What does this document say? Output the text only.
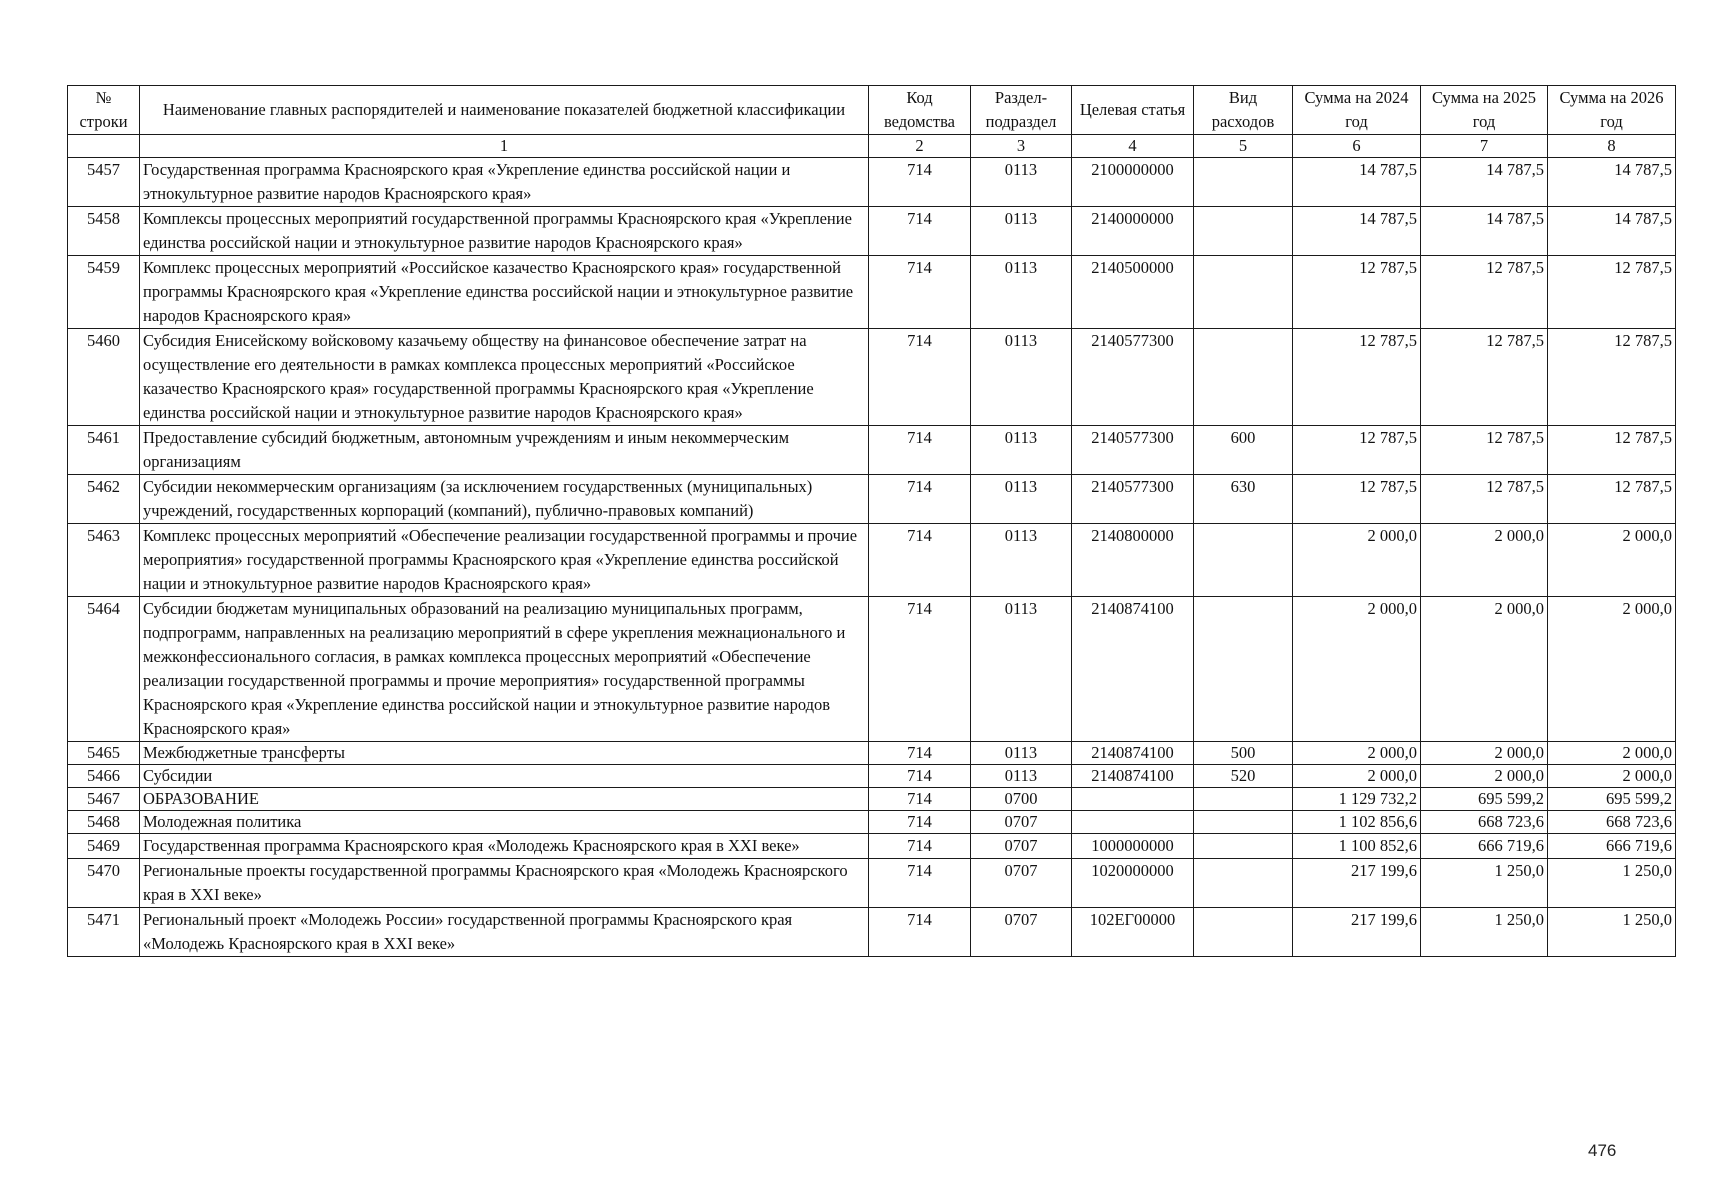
№ строки	Наименование главных распорядителей и наименование показателей бюджетной классификации	Код ведомства	Раздел-подраздел	Целевая статья	Вид расходов	Сумма на 2024 год	Сумма на 2025 год	Сумма на 2026 год
	1	2	3	4	5	6	7	8
5457	Государственная программа Красноярского края «Укрепление единства российской нации и этнокультурное развитие народов Красноярского края»	714	0113	2100000000		14 787,5	14 787,5	14 787,5
5458	Комплексы процессных мероприятий государственной программы Красноярского края «Укрепление единства российской нации и этнокультурное развитие народов Красноярского края»	714	0113	2140000000		14 787,5	14 787,5	14 787,5
5459	Комплекс процессных мероприятий «Российское казачество Красноярского края» государственной программы Красноярского края «Укрепление единства российской нации и этнокультурное развитие народов Красноярского края»	714	0113	2140500000		12 787,5	12 787,5	12 787,5
5460	Субсидия Енисейскому войсковому казачьему обществу на финансовое обеспечение затрат на осуществление его деятельности в рамках комплекса процессных мероприятий «Российское казачество Красноярского края» государственной программы Красноярского края «Укрепление единства российской нации и этнокультурное развитие народов Красноярского края»	714	0113	2140577300		12 787,5	12 787,5	12 787,5
5461	Предоставление субсидий бюджетным, автономным учреждениям и иным некоммерческим организациям	714	0113	2140577300	600	12 787,5	12 787,5	12 787,5
5462	Субсидии некоммерческим организациям (за исключением государственных (муниципальных) учреждений, государственных корпораций (компаний), публично-правовых компаний)	714	0113	2140577300	630	12 787,5	12 787,5	12 787,5
5463	Комплекс процессных мероприятий «Обеспечение реализации государственной программы и прочие мероприятия» государственной программы Красноярского края «Укрепление единства российской нации и этнокультурное развитие народов Красноярского края»	714	0113	2140800000		2 000,0	2 000,0	2 000,0
5464	Субсидии бюджетам муниципальных образований на реализацию муниципальных программ, подпрограмм, направленных на реализацию мероприятий в сфере укрепления межнационального и межконфессионального согласия, в рамках комплекса процессных мероприятий «Обеспечение реализации государственной программы и прочие мероприятия» государственной программы Красноярского края «Укрепление единства российской нации и этнокультурное развитие народов Красноярского края»	714	0113	2140874100		2 000,0	2 000,0	2 000,0
5465	Межбюджетные трансферты	714	0113	2140874100	500	2 000,0	2 000,0	2 000,0
5466	Субсидии	714	0113	2140874100	520	2 000,0	2 000,0	2 000,0
5467	ОБРАЗОВАНИЕ	714	0700			1 129 732,2	695 599,2	695 599,2
5468	Молодежная политика	714	0707			1 102 856,6	668 723,6	668 723,6
5469	Государственная программа Красноярского края «Молодежь Красноярского края в XXI веке»	714	0707	1000000000		1 100 852,6	666 719,6	666 719,6
5470	Региональные проекты государственной программы Красноярского края «Молодежь Красноярского края в XXI веке»	714	0707	1020000000		217 199,6	1 250,0	1 250,0
5471	Региональный проект «Молодежь России» государственной программы Красноярского края «Молодежь Красноярского края в XXI веке»	714	0707	102ЕГ00000		217 199,6	1 250,0	1 250,0
476
